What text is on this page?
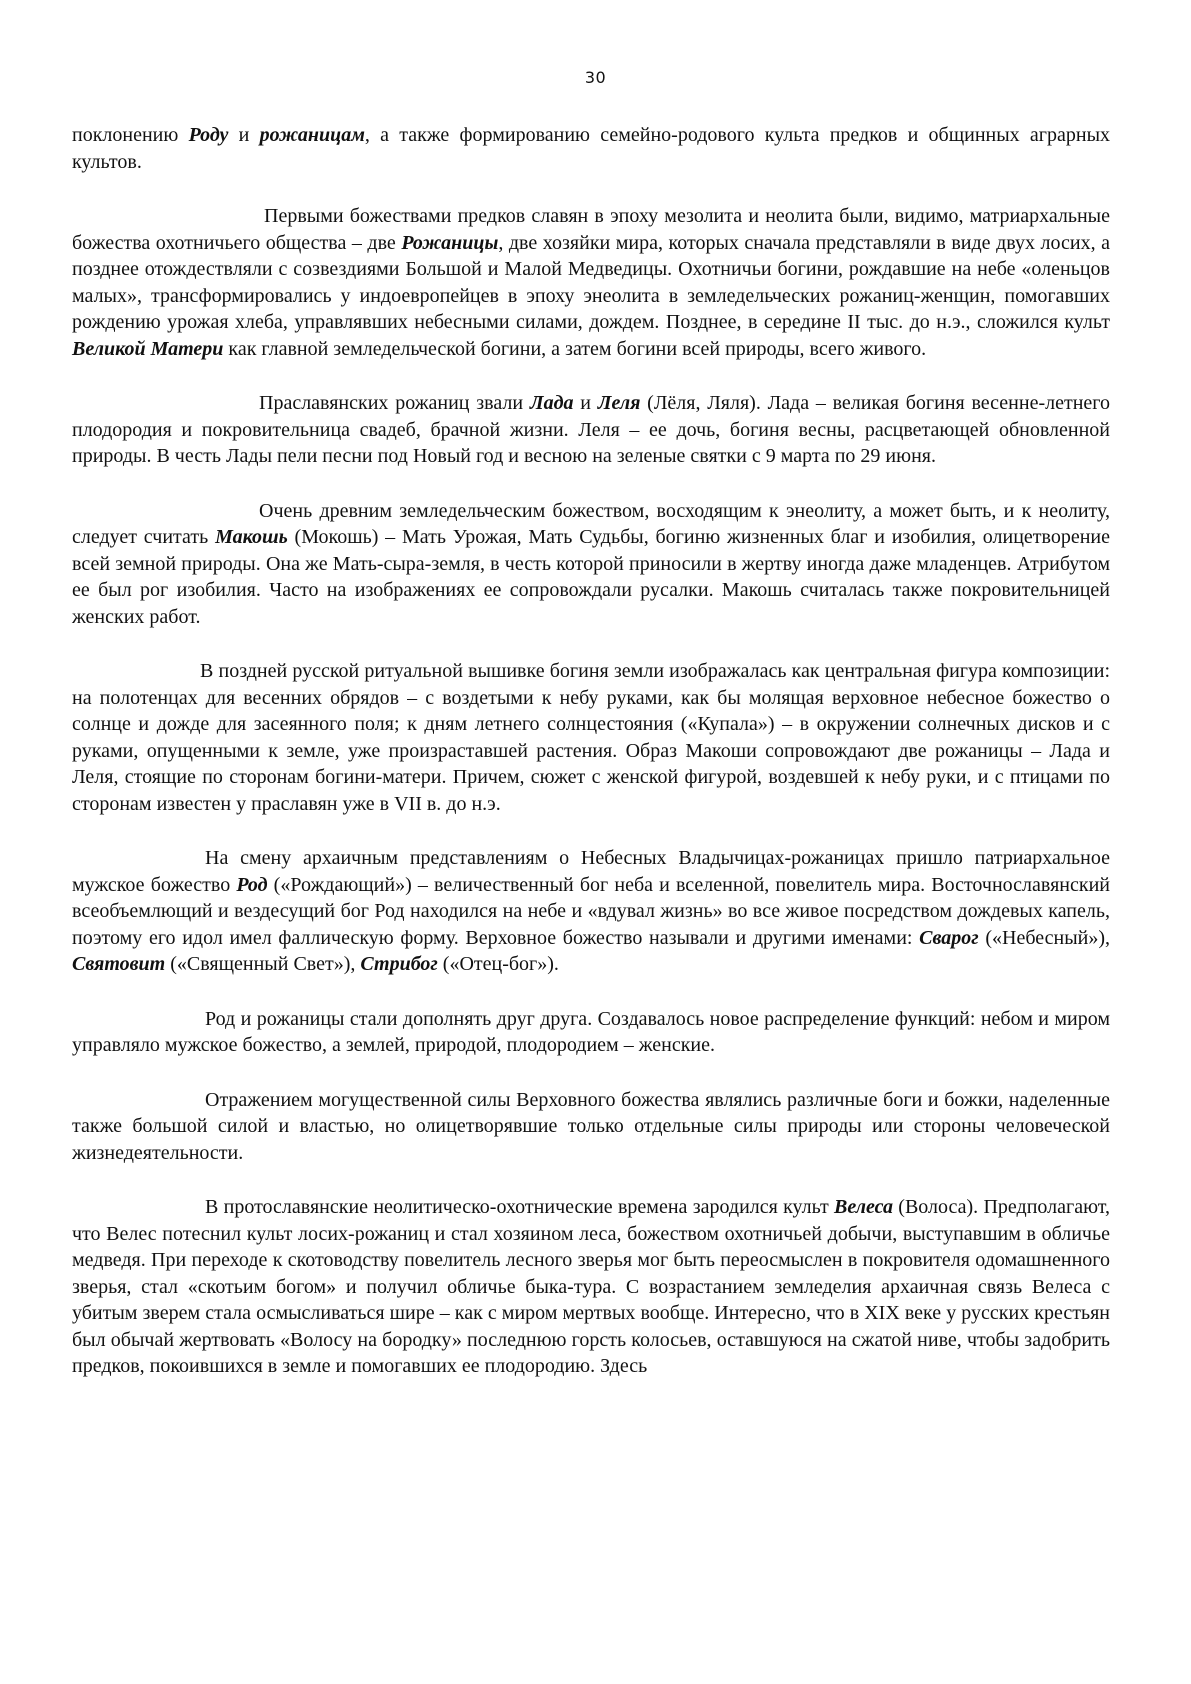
30

поклонению Роду и рожаницам, а также формированию семейно-родового культа предков и общинных аграрных культов.

Первыми божествами предков славян в эпоху мезолита и неолита были, видимо, матриархальные божества охотничьего общества – две Рожаницы, две хозяйки мира, которых сначала представляли в виде двух лосих, а позднее отождествляли с созвездиями Большой и Малой Медведицы. Охотничьи богини, рождавшие на небе «оленьцов малых», трансформировались у индоевропейцев в эпоху энеолита в земледельческих рожаниц-женщин, помогавших рождению урожая хлеба, управлявших небесными силами, дождем. Позднее, в середине II тыс. до н.э., сложился культ Великой Матери как главной земледельческой богини, а затем богини всей природы, всего живого.

Праславянских рожаниц звали Лада и Леля (Лёля, Ляля). Лада – великая богиня весенне-летнего плодородия и покровительница свадеб, брачной жизни. Леля – ее дочь, богиня весны, расцветающей обновленной природы. В честь Лады пели песни под Новый год и весною на зеленые святки с 9 марта по 29 июня.

Очень древним земледельческим божеством, восходящим к энеолиту, а может быть, и к неолиту, следует считать Макошь (Мокошь) – Мать Урожая, Мать Судьбы, богиню жизненных благ и изобилия, олицетворение всей земной природы. Она же Мать-сыра-земля, в честь которой приносили в жертву иногда даже младенцев. Атрибутом ее был рог изобилия. Часто на изображениях ее сопровождали русалки. Макошь считалась также покровительницей женских работ.

В поздней русской ритуальной вышивке богиня земли изображалась как центральная фигура композиции: на полотенцах для весенних обрядов – с воздетыми к небу руками, как бы молящая верховное небесное божество о солнце и дожде для засеянного поля; к дням летнего солнцестояния («Купала») – в окружении солнечных дисков и с руками, опущенными к земле, уже произраставшей растения. Образ Макоши сопровождают две рожаницы – Лада и Леля, стоящие по сторонам богини-матери. Причем, сюжет с женской фигурой, воздевшей к небу руки, и с птицами по сторонам известен у праславян уже в VII в. до н.э.

На смену архаичным представлениям о Небесных Владычицах-рожаницах пришло патриархальное мужское божество Род («Рождающий») – величественный бог неба и вселенной, повелитель мира. Восточнославянский всеобъемлющий и вездесущий бог Род находился на небе и «вдувал жизнь» во все живое посредством дождевых капель, поэтому его идол имел фаллическую форму. Верховное божество называли и другими именами: Сварог («Небесный»), Святовит («Священный Свет»), Стрибог («Отец-бог»).

Род и рожаницы стали дополнять друг друга. Создавалось новое распределение функций: небом и миром управляло мужское божество, а землей, природой, плодородием – женские.

Отражением могущественной силы Верховного божества являлись различные боги и божки, наделенные также большой силой и властью, но олицетворявшие только отдельные силы природы или стороны человеческой жизнедеятельности.

В протославянские неолитическо-охотнические времена зародился культ Велеса (Волоса). Предполагают, что Велес потеснил культ лосих-рожаниц и стал хозяином леса, божеством охотничьей добычи, выступавшим в обличье медведя. При переходе к скотоводству повелитель лесного зверья мог быть переосмыслен в покровителя одомашненного зверья, стал «скотьим богом» и получил обличье быка-тура. С возрастанием земледелия архаичная связь Велеса с убитым зверем стала осмысливаться шире – как с миром мертвых вообще. Интересно, что в XIX веке у русских крестьян был обычай жертвовать «Волосу на бородку» последнюю горсть колосьев, оставшуюся на сжатой ниве, чтобы задобрить предков, покоившихся в земле и помогавших ее плодородию. Здесь
